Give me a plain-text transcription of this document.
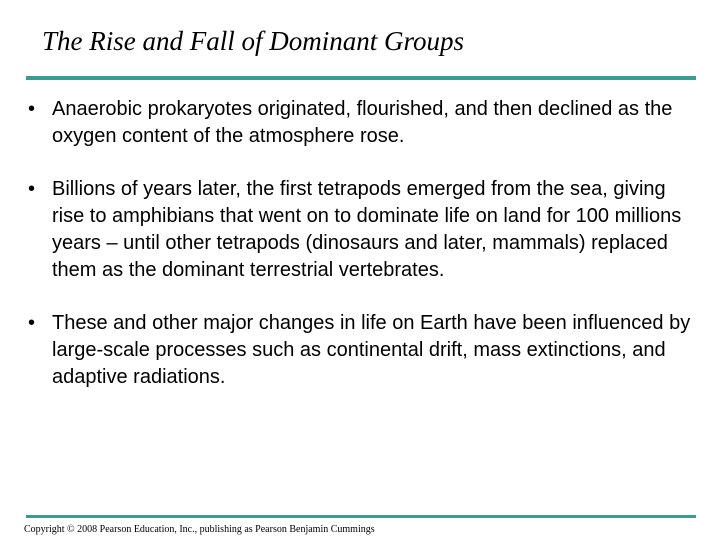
The Rise and Fall of Dominant Groups
• Anaerobic prokaryotes originated, flourished, and then declined as the oxygen content of the atmosphere rose.
• Billions of years later, the first tetrapods emerged from the sea, giving rise to amphibians that went on to dominate life on land for 100 millions years – until other tetrapods (dinosaurs and later, mammals) replaced them as the dominant terrestrial vertebrates.
• These and other major changes in life on Earth have been influenced by large-scale processes such as continental drift, mass extinctions, and adaptive radiations.
Copyright © 2008 Pearson Education, Inc., publishing as Pearson Benjamin Cummings
